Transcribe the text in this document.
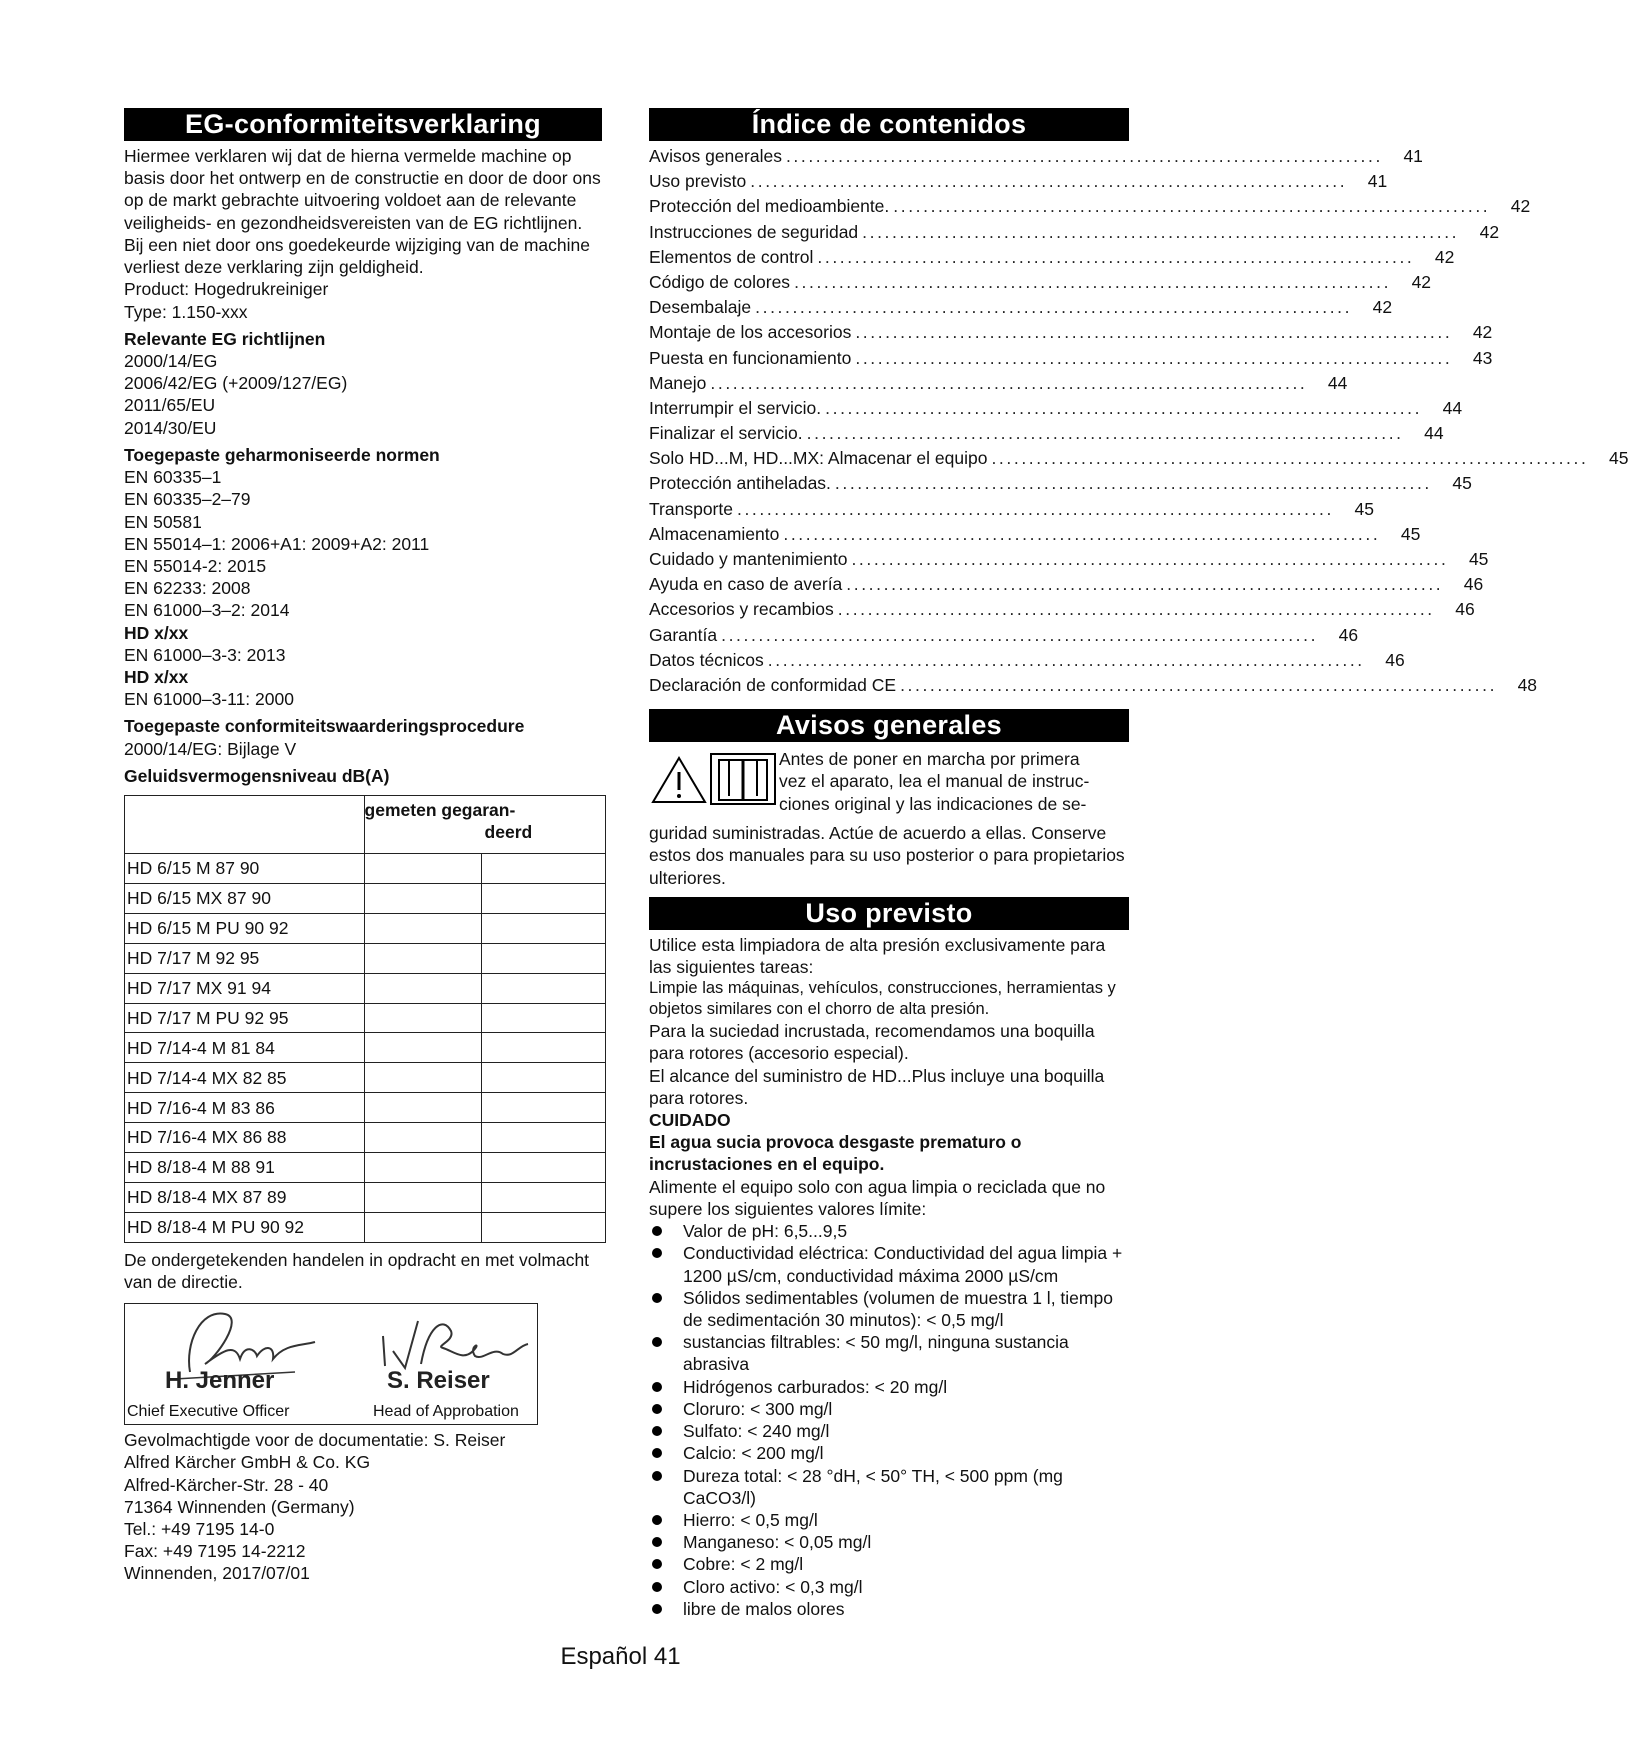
EG-conformiteitsverklaring

Hiermee verklaren wij dat de hierna vermelde machine op basis door het ontwerp en de constructie en door de door ons op de markt gebrachte uitvoering voldoet aan de relevante veiligheids- en gezondheidsvereisten van de EG richtlijnen. Bij een niet door ons goedekeurde wijziging van de machine verliest deze verklaring zijn geldigheid.

Product: Hogedrukreiniger

Type: 1.150-xxx

Relevante EG richtlijnen

2000/14/EG

2006/42/EG (+2009/127/EG)

2011/65/EU

2014/30/EU

Toegepaste geharmoniseerde normen

EN 60335–1

EN 60335–2–79

EN 50581

EN 55014–1: 2006+A1: 2009+A2: 2011

EN 55014-2: 2015

EN 62233: 2008

EN 61000–3–2: 2014

HD x/xx

EN 61000–3-3: 2013

HD x/xx

EN 61000–3-11: 2000

Toegepaste conformiteitswaarderingsprocedure

2000/14/EG: Bijlage V

Geluidsvermogensniveau dB(A)

	gemeten gegaran-
deerd	
HD 6/15 M 87 90		
HD 6/15 MX 87 90		
HD 6/15 M PU 90 92		
HD 7/17 M 92 95		
HD 7/17 MX 91 94		
HD 7/17 M PU 92 95		
HD 7/14-4 M 81 84		
HD 7/14-4 MX 82 85		
HD 7/16-4 M 83 86		
HD 7/16-4 MX 86 88		
HD 8/18-4 M 88 91		
HD 8/18-4 MX 87 89		
HD 8/18-4 M PU 90 92		

De ondergetekenden handelen in opdracht en met volmacht van de directie.

H. Jenner
Chief Executive Officer
S. Reiser
Head of Approbation

Gevolmachtigde voor de documentatie: S. Reiser

Alfred Kärcher GmbH & Co. KG

Alfred-Kärcher-Str. 28 - 40

71364 Winnenden (Germany)

Tel.: +49 7195 14-0

Fax: +49 7195 14-2212

Winnenden, 2017/07/01

Índice de contenidos
Avisos generales ................................................................................	41
Uso previsto ................................................................................	41
Protección del medioambiente. ................................................................................	42
Instrucciones de seguridad ................................................................................	42
Elementos de control ................................................................................	42
Código de colores ................................................................................	42
Desembalaje ................................................................................	42
Montaje de los accesorios ................................................................................	42
Puesta en funcionamiento ................................................................................	43
Manejo ................................................................................	44
Interrumpir el servicio. ................................................................................	44
Finalizar el servicio. ................................................................................	44
Solo HD...M, HD...MX: Almacenar el equipo ................................................................................	45
Protección antiheladas. ................................................................................	45
Transporte ................................................................................	45
Almacenamiento ................................................................................	45
Cuidado y mantenimiento ................................................................................	45
Ayuda en caso de avería ................................................................................	46
Accesorios y recambios ................................................................................	46
Garantía ................................................................................	46
Datos técnicos ................................................................................	46
Declaración de conformidad CE ................................................................................	48
Avisos generales

Antes de poner en marcha por primera

vez el aparato, lea el manual de instruc-

ciones original y las indicaciones de se-

guridad suministradas. Actúe de acuerdo a ellas. Conserve estos dos manuales para su uso posterior o para propietarios ulteriores.

Uso previsto

Utilice esta limpiadora de alta presión exclusivamente para las siguientes tareas:

Limpie las máquinas, vehículos, construcciones, herramientas y objetos similares con el chorro de alta presión.

Para la suciedad incrustada, recomendamos una boquilla para rotores (accesorio especial).

El alcance del suministro de HD...Plus incluye una boquilla para rotores.

CUIDADO

El agua sucia provoca desgaste prematuro o incrustaciones en el equipo.

Alimente el equipo solo con agua limpia o reciclada que no supere los siguientes valores límite:

Valor de pH: 6,5...9,5
Conductividad eléctrica: Conductividad del agua limpia + 1200 µS/cm, conductividad máxima 2000 µS/cm
Sólidos sedimentables (volumen de muestra 1 l, tiempo de sedimentación 30 minutos): < 0,5 mg/l
sustancias filtrables: < 50 mg/l, ninguna sustancia abrasiva
Hidrógenos carburados: < 20 mg/l
Cloruro: < 300 mg/l
Sulfato: < 240 mg/l
Calcio: < 200 mg/l
Dureza total: < 28 °dH, < 50° TH, < 500 ppm (mg CaCO3/l)
Hierro: < 0,5 mg/l
Manganeso: < 0,05 mg/l
Cobre: < 2 mg/l
Cloro activo: < 0,3 mg/l
libre de malos olores
Español 41
